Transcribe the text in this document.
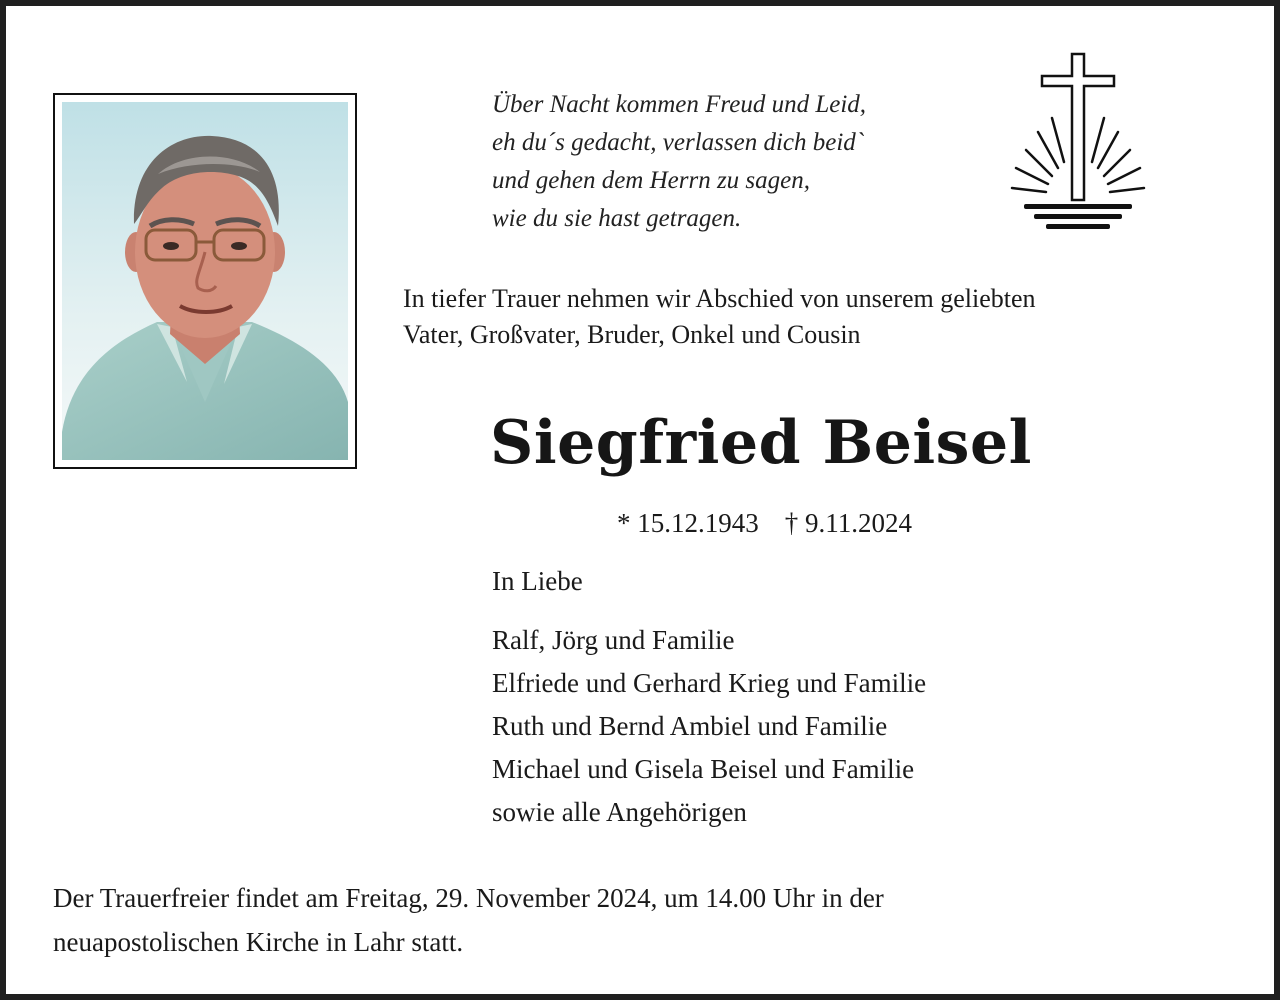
Über Nacht kommen Freud und Leid,
eh du´s gedacht, verlassen dich beid`
und gehen dem Herrn zu sagen,
wie du sie hast getragen.
In tiefer Trauer nehmen wir Abschied von unserem geliebten
Vater, Großvater, Bruder, Onkel und Cousin
Siegfried Beisel
* 15.12.1943 † 9.11.2024
In Liebe
Ralf, Jörg und Familie
Elfriede und Gerhard Krieg und Familie
Ruth und Bernd Ambiel und Familie
Michael und Gisela Beisel und Familie
sowie alle Angehörigen
Der Trauerfreier findet am Freitag, 29. November 2024, um 14.00 Uhr in der
neuapostolischen Kirche in Lahr statt.
